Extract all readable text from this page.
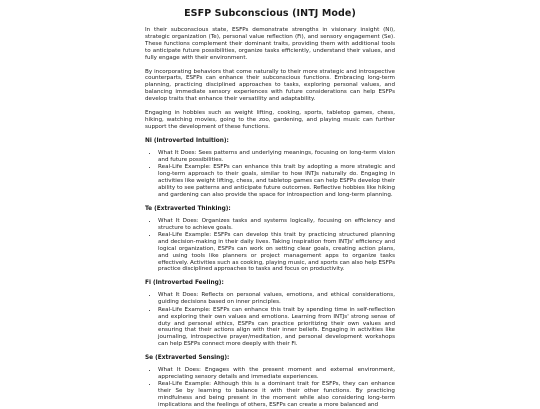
ESFP Subconscious (INTJ Mode)

In their subconscious state, ESFPs demonstrate strengths in visionary insight (Ni), strategic organization (Te), personal value reflection (Fi), and sensory engagement (Se). These functions complement their dominant traits, providing them with additional tools to anticipate future possibilities, organize tasks efficiently, understand their values, and fully engage with their environment.

By incorporating behaviors that come naturally to their more strategic and introspective counterparts, ESFPs can enhance their subconscious functions. Embracing long-term planning, practicing disciplined approaches to tasks, exploring personal values, and balancing immediate sensory experiences with future considerations can help ESFPs develop traits that enhance their versatility and adaptability.

Engaging in hobbies such as weight lifting, cooking, sports, tabletop games, chess, hiking, watching movies, going to the zoo, gardening, and playing music can further support the development of these functions.

Ni (Introverted Intuition):
• What It Does: Sees patterns and underlying meanings, focusing on long-term vision and future possibilities.
• Real-Life Example: ESFPs can enhance this trait by adopting a more strategic and long-term approach to their goals, similar to how INTJs naturally do. Engaging in activities like weight lifting, chess, and tabletop games can help ESFPs develop their ability to see patterns and anticipate future outcomes. Reflective hobbies like hiking and gardening can also provide the space for introspection and long-term planning.
Te (Extraverted Thinking):
• What It Does: Organizes tasks and systems logically, focusing on efficiency and structure to achieve goals.
• Real-Life Example: ESFPs can develop this trait by practicing structured planning and decision-making in their daily lives. Taking inspiration from INTJs' efficiency and logical organization, ESFPs can work on setting clear goals, creating action plans, and using tools like planners or project management apps to organize tasks effectively. Activities such as cooking, playing music, and sports can also help ESFPs practice disciplined approaches to tasks and focus on productivity.
Fi (Introverted Feeling):
• What It Does: Reflects on personal values, emotions, and ethical considerations, guiding decisions based on inner principles.
• Real-Life Example: ESFPs can enhance this trait by spending time in self-reflection and exploring their own values and emotions. Learning from INTJs' strong sense of duty and personal ethics, ESFPs can practice prioritizing their own values and ensuring that their actions align with their inner beliefs. Engaging in activities like journaling, introspective prayer/meditation, and personal development workshops can help ESFPs connect more deeply with their Fi.
Se (Extraverted Sensing):
• What It Does: Engages with the present moment and external environment, appreciating sensory details and immediate experiences.
• Real-Life Example: Although this is a dominant trait for ESFPs, they can enhance their Se by learning to balance it with their other functions. By practicing mindfulness and being present in the moment while also considering long-term implications and the feelings of others, ESFPs can create a more balanced and
